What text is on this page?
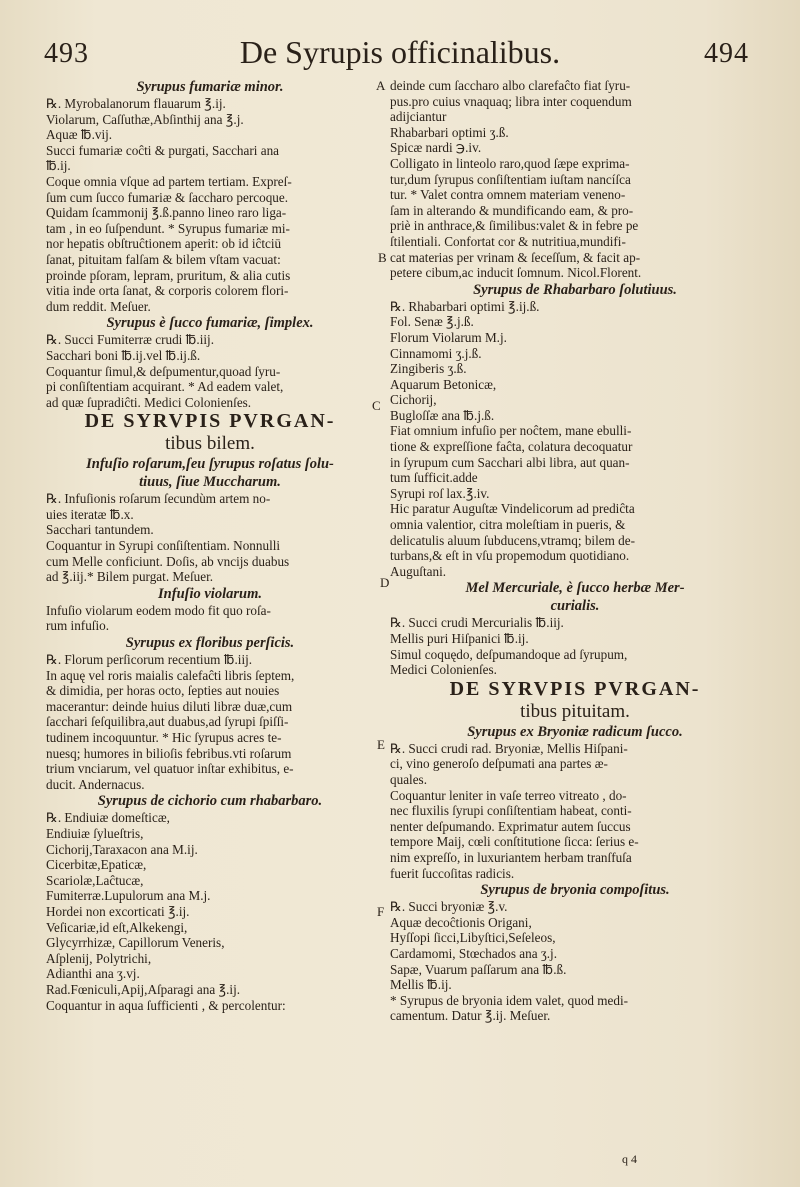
De Syrupis officinalibus.
493	494

Syrupus fumariæ minor.

℞. Myrobalanorum flauarum ℥.ij.

Violarum, Caſſuthæ,Abſinthij ana ℥.j.

Aquæ ℔.vij.

Succi fumariæ coĉti & purgati, Sacchari ana

℔.ij.

Coque omnia vſque ad partem tertiam. Expreſ-

ſum cum ſucco fumariæ & ſaccharo percoque.

Quidam ſcammonij ℥.ß.panno lineo raro liga-

tam , in eo ſuſpendunt. * Syrupus fumariæ mi-

nor hepatis obſtruĉtionem aperit: ob id iĉtciū

ſanat, pituitam falſam & bilem vſtam vacuat:

proinde pſoram, lepram, pruritum, & alia cutis

vitia inde orta ſanat, & corporis colorem flori-

dum reddit. Meſuer.

Syrupus è ſucco fumariæ, ſimplex.

℞. Succi Fumiterræ crudi ℔.iij.

Sacchari boni ℔.ij.vel ℔.ij.ß.

Coquantur ſimul,& deſpumentur,quoad ſyru-

pi conſiſtentiam acquirant. * Ad eadem valet,

ad quæ ſupradiĉti. Medici Colonienſes.

DE SYRVPIS PVRGAN-

tibus bilem.

Infuſio roſarum,ſeu ſyrupus roſatus ſolu-

tiuus, ſiue Muccharum.

℞. Infuſionis roſarum ſecundùm artem no-

uies iteratæ ℔.x.

Sacchari tantundem.

Coquantur in Syrupi conſiſtentiam. Nonnulli

cum Melle conficiunt. Doſis, ab vncijs duabus

ad ℥.iij.* Bilem purgat. Meſuer.

Infuſio violarum.

Infuſio violarum eodem modo fit quo roſa-

rum infuſio.

Syrupus ex floribus perſicis.

℞. Florum perſicorum recentium ℔.iij.

In aquę vel roris maialis calefaĉti libris ſeptem,

& dimidia, per horas octo, ſepties aut nouies

macerantur: deinde huius diluti libræ duæ,cum

ſacchari ſeſquilibra,aut duabus,ad ſyrupi ſpiſſi-

tudinem incoquuntur. * Hic ſyrupus acres te-

nuesq; humores in bilioſis febribus.vti roſarum

trium vnciarum, vel quatuor inſtar exhibitus, e-

ducit. Andernacus.

Syrupus de cichorio cum rhabarbaro.

℞. Endiuiæ domeſticæ,

Endiuiæ ſylueſtris,

Cichorij,Taraxacon ana M.ij.

Cicerbitæ,Epaticæ,

Scariolæ,Laĉtucæ,

Fumiterræ.Lupulorum ana M.j.

Hordei non excorticati ℥.ij.

Veſicariæ,id eſt,Alkekengi,

Glycyrrhizæ, Capillorum Veneris,

Aſplenij, Polytrichi,

Adianthi ana ʒ.vj.

Rad.Fœniculi,Apij,Aſparagi ana ℥.ij.

Coquantur in aqua ſufficienti , & percolentur:

deinde cum ſaccharo albo clarefaĉto fiat ſyru-

pus.pro cuius vnaquaq; libra inter coquendum

adijciantur

Rhabarbari optimi ʒ.ß.

Spicæ nardi ℈.iv.

Colligato in linteolo raro,quod ſæpe exprima-

tur,dum ſyrupus conſiſtentiam iuſtam nancíſca

tur. * Valet contra omnem materiam veneno-

ſam in alterando & mundificando eam, & pro-

priè in anthrace,& ſimilibus:valet & in febre pe

ſtilentiali. Confortat cor & nutritiua,mundifi-

cat materias per vrinam & ſeceſſum, & facit ap-

petere cibum,ac inducit ſomnum. Nicol.Florent.

Syrupus de Rhabarbaro ſolutiuus.

℞. Rhabarbari optimi ℥.ij.ß.

Fol. Senæ ℥.j.ß.

Florum Violarum M.j.

Cinnamomi ʒ.j.ß.

Zingiberis ʒ.ß.

Aquarum Betonicæ,

Cichorij,

Bugloſſæ ana ℔.j.ß.

Fiat omnium infuſio per noĉtem, mane ebulli-

tione & expreſſione faĉta, colatura decoquatur

in ſyrupum cum Sacchari albi libra, aut quan-

tum ſufficit.adde

Syrupi roſ lax.℥.iv.

Hic paratur Auguſtæ Vindelicorum ad prediĉta

omnia valentior, citra moleſtiam in pueris, &

delicatulis aluum ſubducens,vtramq; bilem de-

turbans,& eſt in vſu propemodum quotidiano.

Auguſtani.

Mel Mercuriale, è ſucco herbæ Mer-

curialis.

℞. Succi crudi Mercurialis ℔.iij.

Mellis puri Hiſpanici ℔.ij.

Simul coquędo, deſpumandoque ad ſyrupum,

Medici Colonienſes.

DE SYRVPIS PVRGAN-

tibus pituitam.

Syrupus ex Bryoniæ radicum ſucco.

℞. Succi crudi rad. Bryoniæ, Mellis Hiſpani-

ci, vino generoſo deſpumati ana partes æ-

quales.

Coquantur leniter in vaſe terreo vitreato , do-

nec fluxilis ſyrupi conſiſtentiam habeat, conti-

nenter deſpumando. Exprimatur autem ſuccus

tempore Maij, cœli conſtitutione ſicca: ſerius e-

nim expreſſo, in luxuriantem herbam tranſfuſa

fuerit ſuccoſitas radicis.

Syrupus de bryonia compoſitus.

℞. Succi bryoniæ ℥.v.

Aquæ decoĉtionis Origani,

Hyſſopi ſicci,Libyſtici,Seſeleos,

Cardamomi, Stœchados ana ʒ.j.

Sapæ, Vuarum paſſarum ana ℔.ß.

Mellis ℔.ij.

* Syrupus de bryonia idem valet, quod medi-

camentum. Datur ℥.ij. Meſuer.

A
B
C
D
E
F
q 4
